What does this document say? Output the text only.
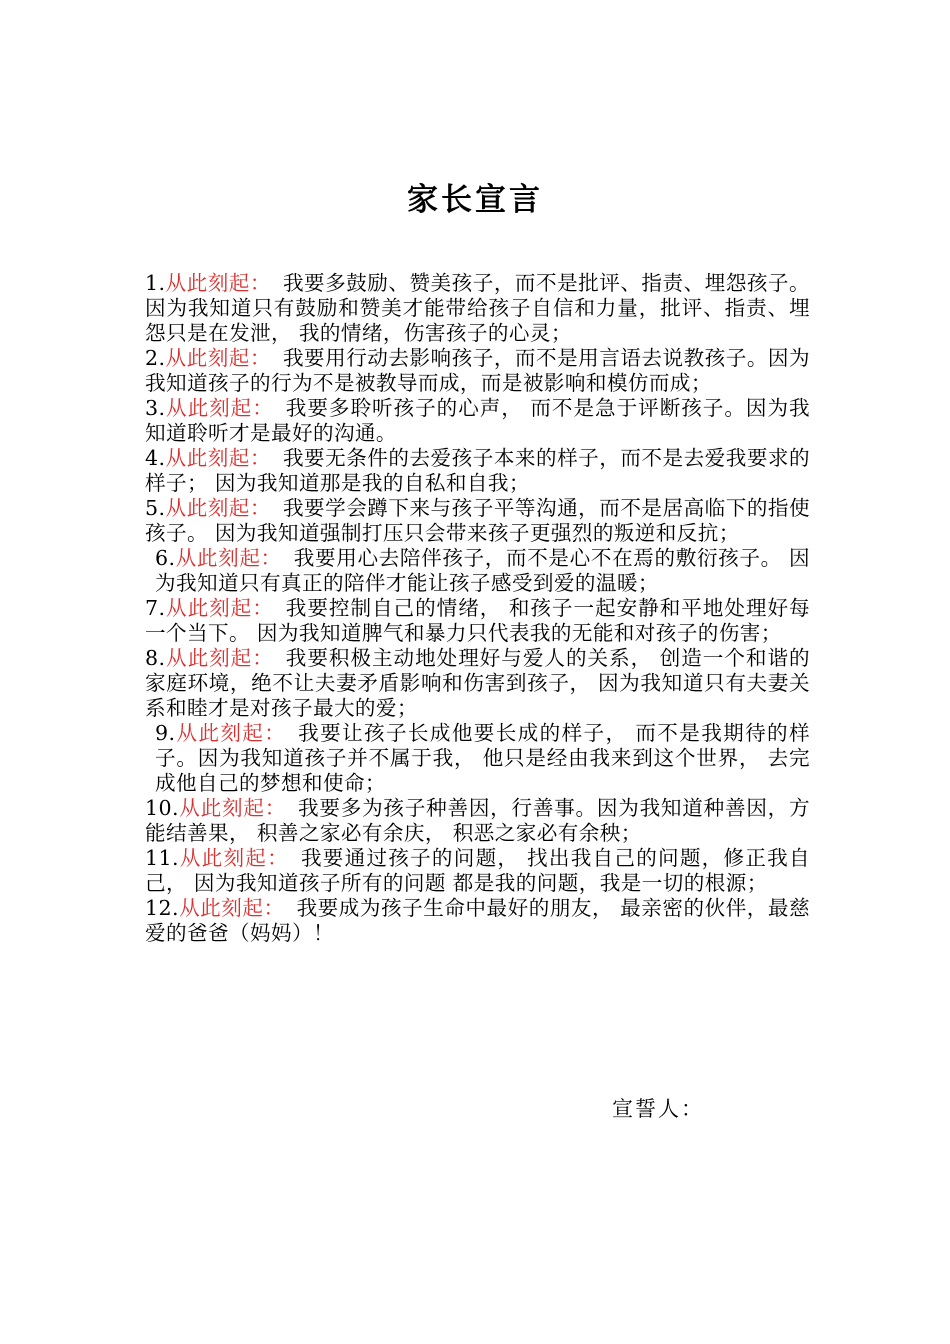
家长宣言

1.从此刻起： 我要多鼓励、赞美孩子，而不是批评、指责、埋怨孩子。 因为我知道只有鼓励和赞美才能带给孩子自信和力量，批评、指责、埋怨只是在发泄， 我的情绪，伤害孩子的心灵；

2.从此刻起： 我要用行动去影响孩子，而不是用言语去说教孩子。因为我知道孩子的行为不是被教导而成，而是被影响和模仿而成；

3.从此刻起： 我要多聆听孩子的心声， 而不是急于评断孩子。因为我知道聆听才是最好的沟通。

4.从此刻起： 我要无条件的去爱孩子本来的样子，而不是去爱我要求的样子； 因为我知道那是我的自私和自我；

5.从此刻起： 我要学会蹲下来与孩子平等沟通，而不是居高临下的指使孩子。 因为我知道强制打压只会带来孩子更强烈的叛逆和反抗；

6.从此刻起： 我要用心去陪伴孩子，而不是心不在焉的敷衍孩子。 因为我知道只有真正的陪伴才能让孩子感受到爱的温暖；

7.从此刻起： 我要控制自己的情绪， 和孩子一起安静和平地处理好每一个当下。 因为我知道脾气和暴力只代表我的无能和对孩子的伤害；

8.从此刻起： 我要积极主动地处理好与爱人的关系， 创造一个和谐的家庭环境，绝不让夫妻矛盾影响和伤害到孩子， 因为我知道只有夫妻关系和睦才是对孩子最大的爱；

9.从此刻起： 我要让孩子长成他要长成的样子， 而不是我期待的样子。因为我知道孩子并不属于我， 他只是经由我来到这个世界， 去完成他自己的梦想和使命；

10.从此刻起： 我要多为孩子种善因，行善事。因为我知道种善因，方能结善果， 积善之家必有余庆， 积恶之家必有余秧；

11.从此刻起： 我要通过孩子的问题， 找出我自己的问题，修正我自己， 因为我知道孩子所有的问题 都是我的问题，我是一切的根源；

12.从此刻起： 我要成为孩子生命中最好的朋友， 最亲密的伙伴，最慈爱的爸爸（妈妈）！

宣誓人：
